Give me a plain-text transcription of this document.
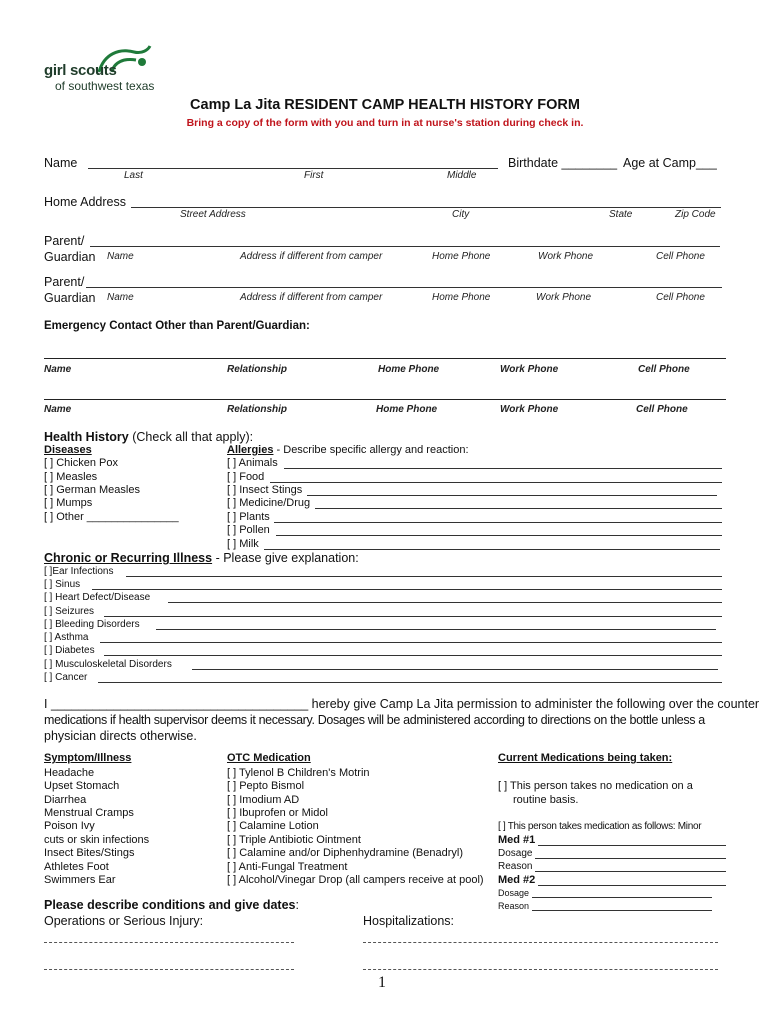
girl scouts
of southwest texas
Camp La Jita RESIDENT CAMP HEALTH HISTORY FORM
Bring a copy of the form with you and turn in at nurse's station during check in.
Name	Birthdate ________ Age at Camp___
Last	First	Middle
Home Address
Street Address	City	State	Zip Code
Parent/
Guardian Name	Address if different from camper	Home Phone	Work Phone	Cell Phone
Parent/
Guardian Name	Address if different from camper	Home Phone	Work Phone	Cell Phone
Emergency Contact Other than Parent/Guardian:
Name	Relationship	Home Phone	Work Phone	Cell Phone
Name	Relationship	Home Phone	Work Phone	Cell Phone
Health History (Check all that apply):
Diseases
[ ] Chicken Pox
[ ] Measles
[ ] German Measles
[ ] Mumps
[ ] Other _______________
Allergies - Describe specific allergy and reaction:
[ ] Animals
[ ] Food
[ ] Insect Stings
[ ] Medicine/Drug
[ ] Plants
[ ] Pollen
[ ] Milk
Chronic or Recurring Illness - Please give explanation:
[ ]Ear Infections
[ ] Sinus
[ ] Heart Defect/Disease
[ ] Seizures
[ ] Bleeding Disorders
[ ] Asthma
[ ] Diabetes
[ ] Musculoskeletal Disorders
[ ] Cancer
I _____________________________________ hereby give Camp La Jita permission to administer the following over the counter
medications if health supervisor deems it necessary. Dosages will be administered according to directions on the bottle unless a
physician directs otherwise.
Symptom/Illness
Headache
Upset Stomach
Diarrhea
Menstrual Cramps
Poison Ivy
cuts or skin infections
Insect Bites/Stings
Athletes Foot
Swimmers Ear
OTC Medication
[ ] Tylenol B Children's Motrin
[ ] Pepto Bismol
[ ] Imodium AD
[ ] Ibuprofen or Midol
[ ] Calamine Lotion
[ ] Triple Antibiotic Ointment
[ ] Calamine and/or Diphenhydramine (Benadryl)
[ ] Anti-Fungal Treatment
[ ] Alcohol/Vinegar Drop (all campers receive at pool)
Current Medications being taken:
[ ] This person takes no medication on a
routine basis.
[ ] This person takes medication as follows: Minor
Med #1
Dosage
Reason
Med #2
Dosage
Reason
Please describe conditions and give dates:
Operations or Serious Injury:	Hospitalizations:
1
